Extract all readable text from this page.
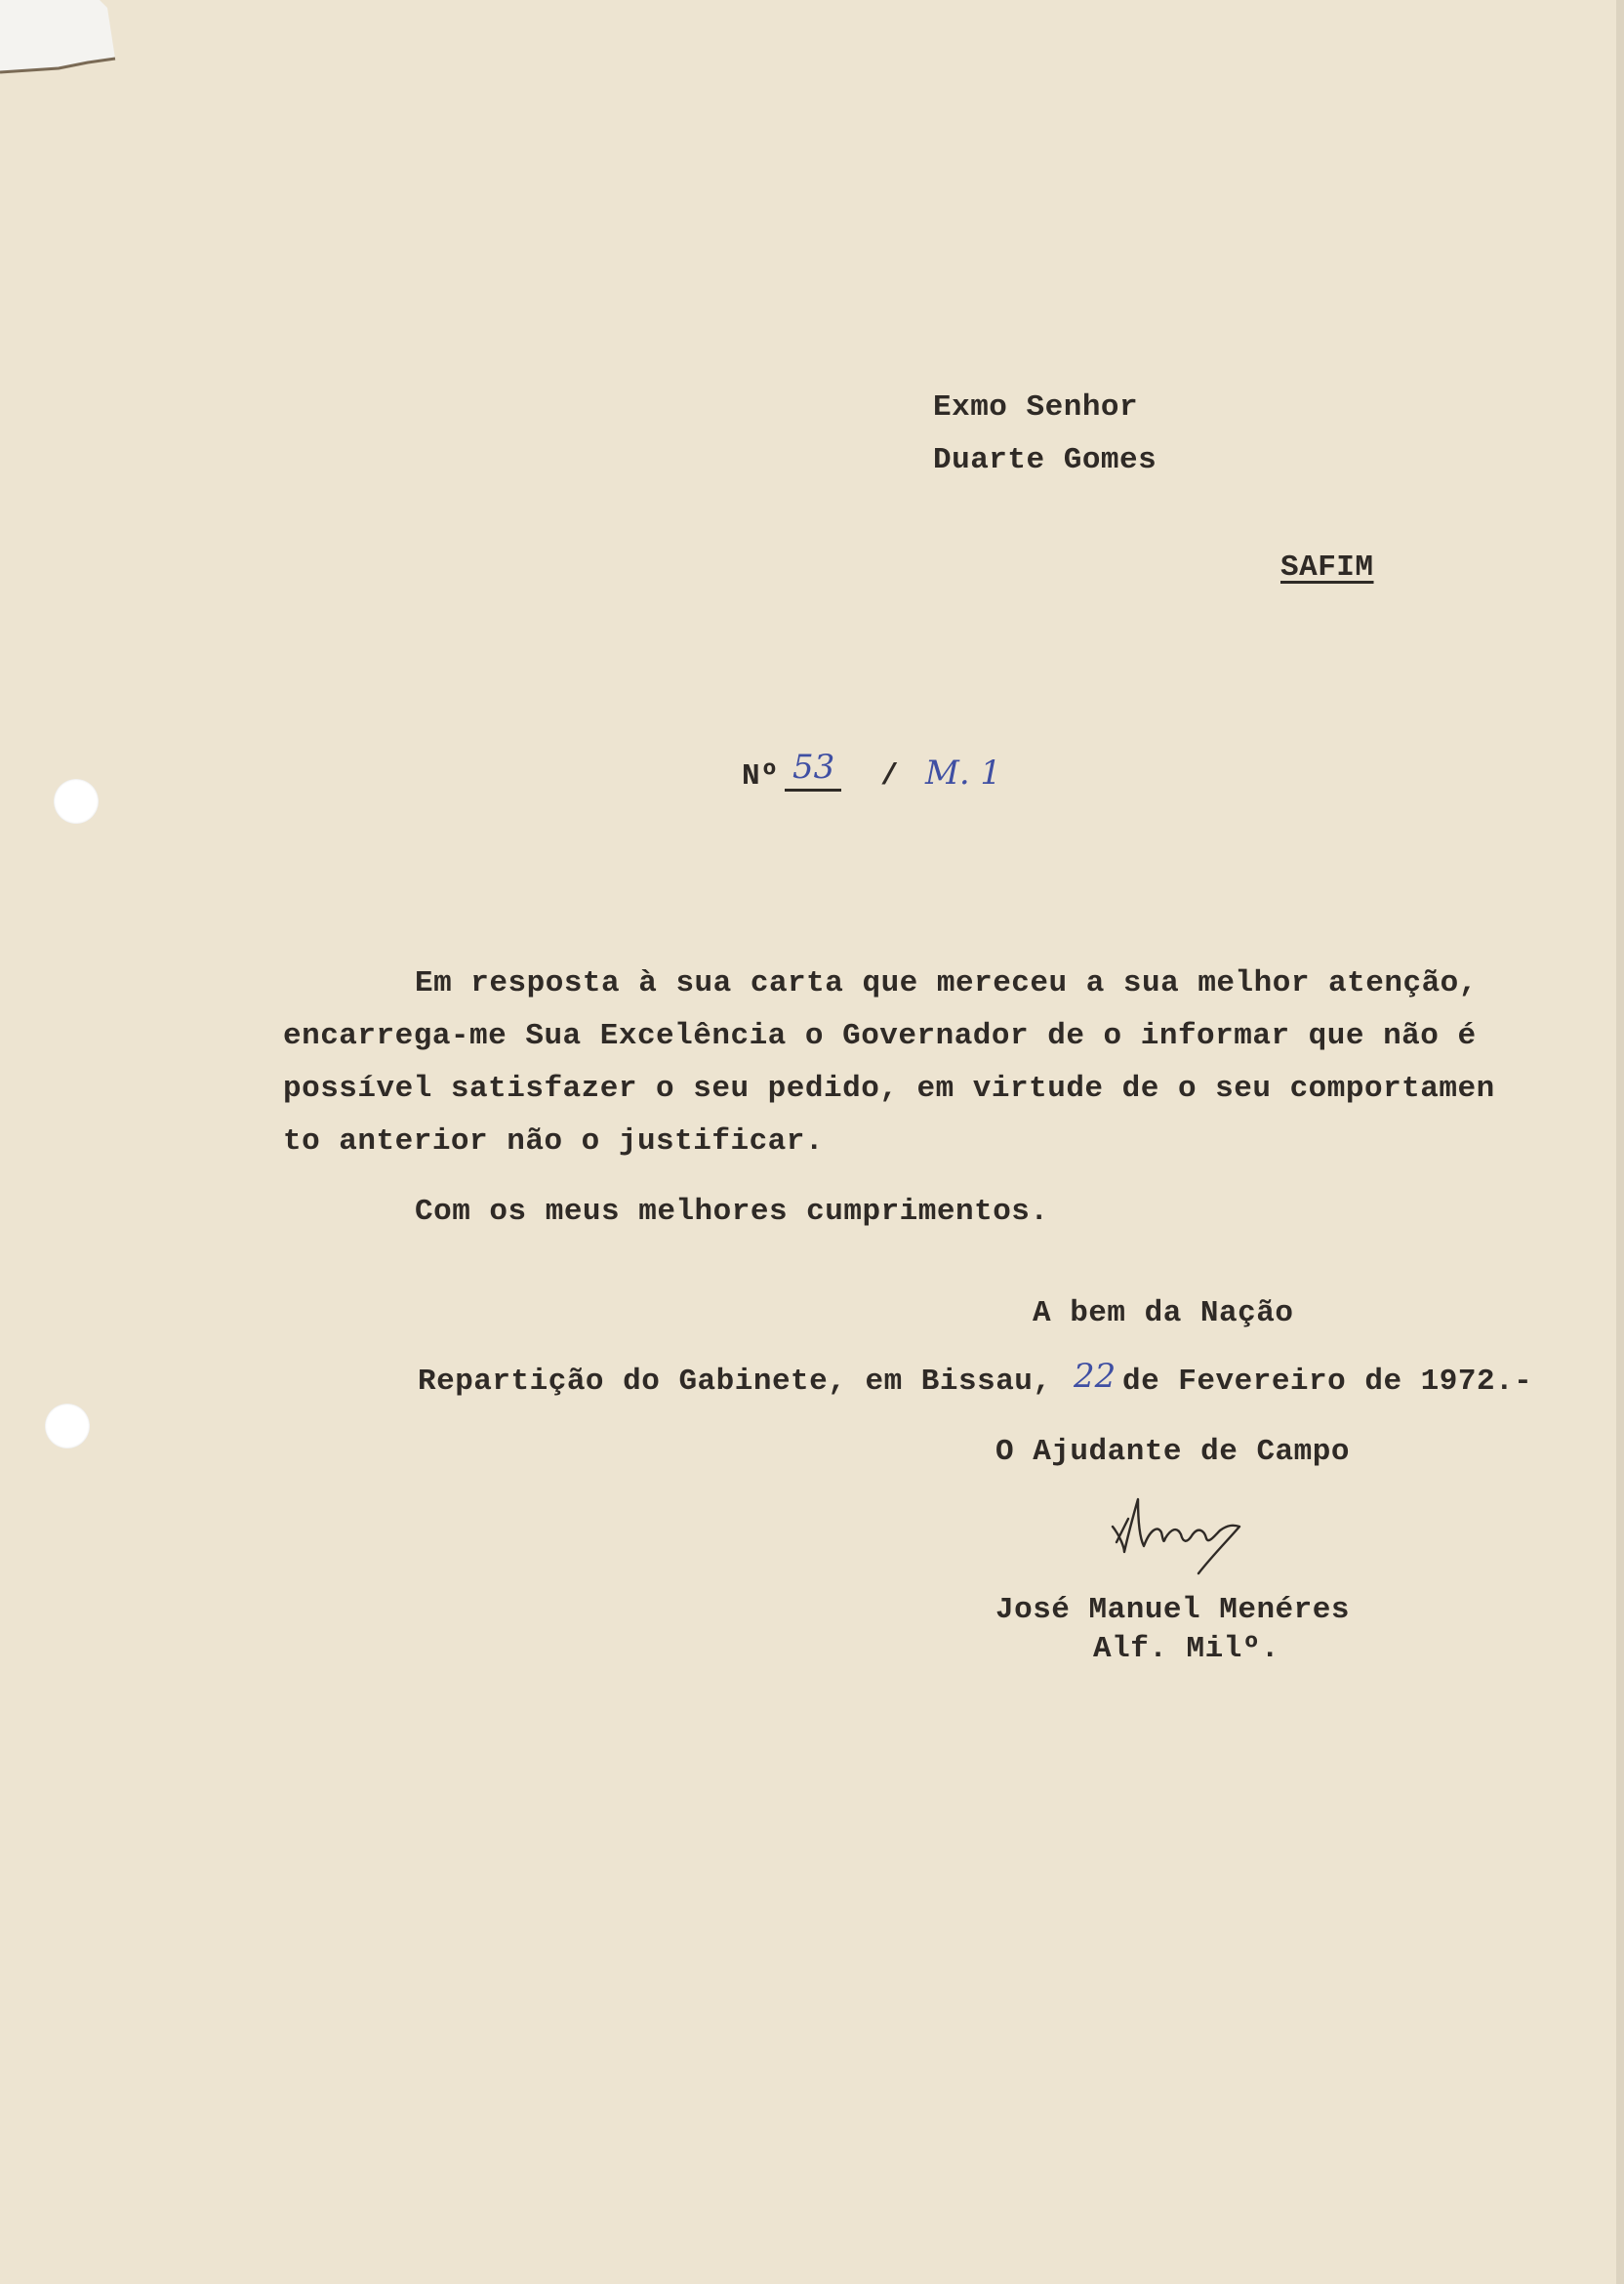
Exmo Senhor

Duarte Gomes

SAFIM

Nº 53 / M. 1

Em resposta à sua carta que mereceu a sua melhor atenção,

encarrega-me Sua Excelência o Governador de o informar que não é

possível satisfazer o seu pedido, em virtude de o seu comportamen

to anterior não o justificar.

Com os meus melhores cumprimentos.

A bem da Nação

Repartição do Gabinete, em Bissau, 22 de Fevereiro de 1972.-

O Ajudante de Campo

José Manuel Menéres

Alf. Milº.
